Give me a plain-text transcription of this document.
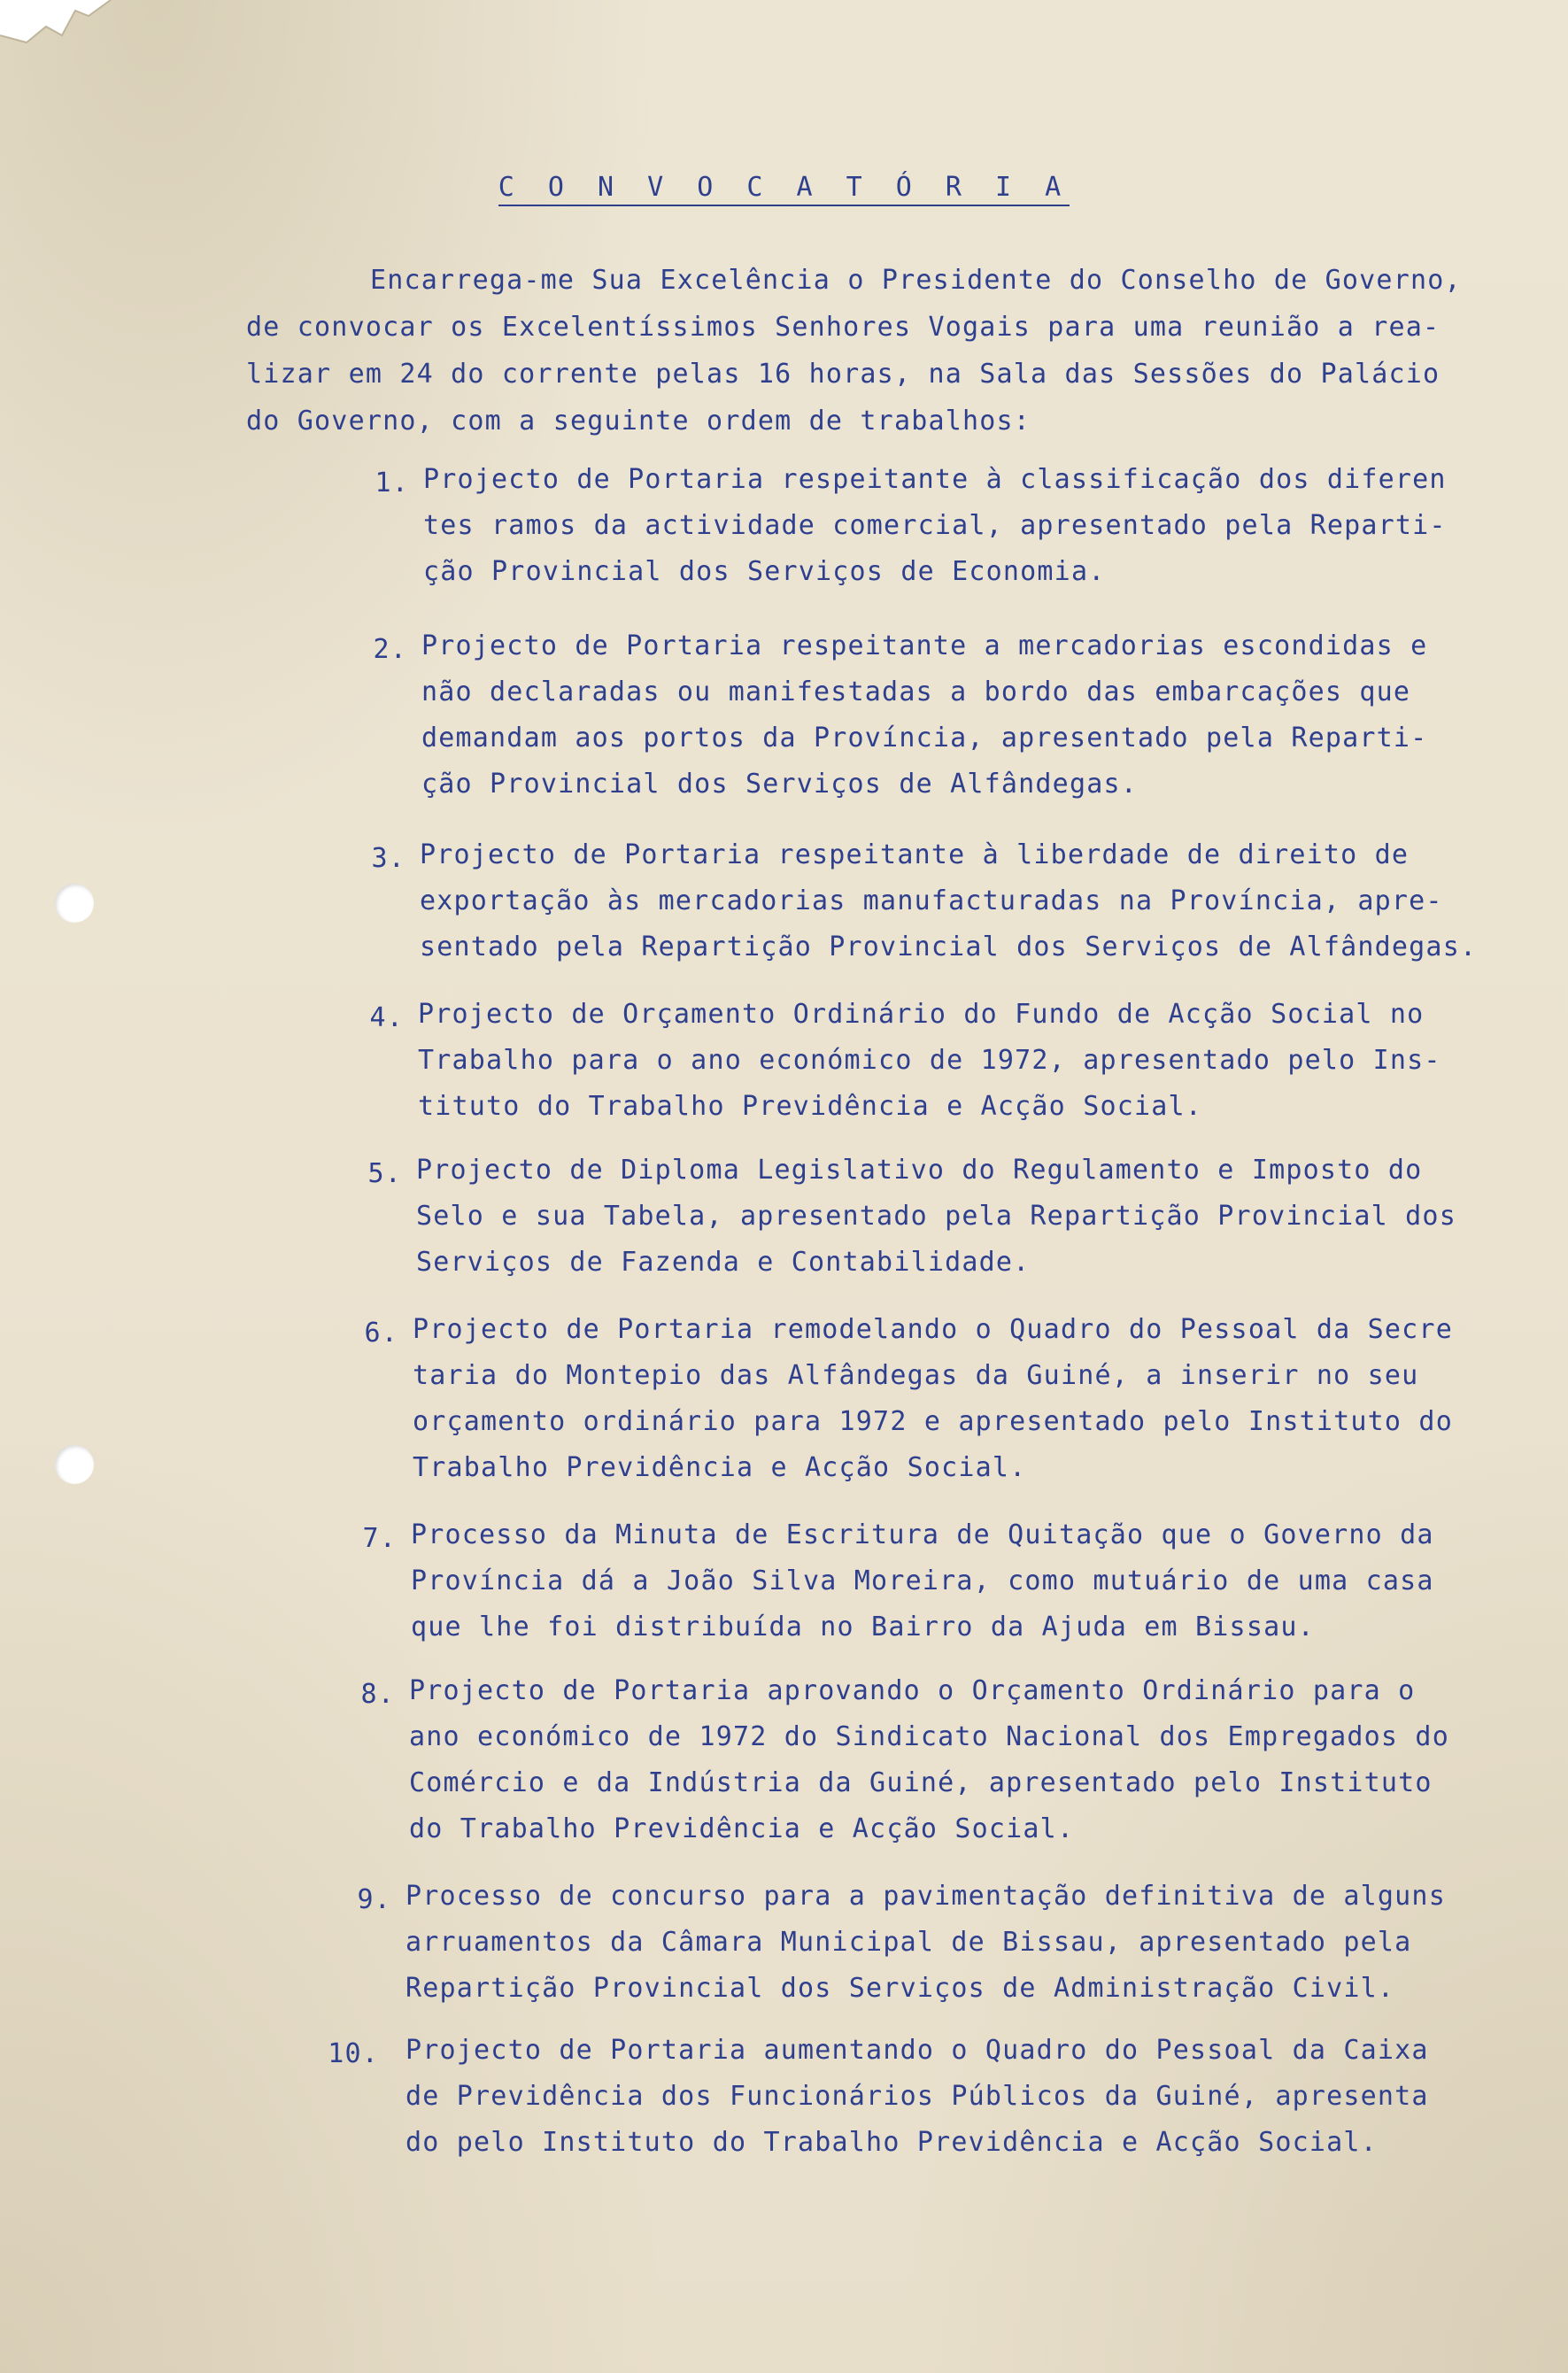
C O N V O C A T Ó R I A
Encarrega-me Sua Excelência o Presidente do Conselho de Governo,
de convocar os Excelentíssimos Senhores Vogais para uma reunião a rea-
lizar em 24 do corrente pelas 16 horas, na Sala das Sessões do Palácio
do Governo, com a seguinte ordem de trabalhos:
1. Projecto de Portaria respeitante à classificação dos diferen
tes ramos da actividade comercial, apresentado pela Reparti-
ção Provincial dos Serviços de Economia.
2. Projecto de Portaria respeitante a mercadorias escondidas e
não declaradas ou manifestadas a bordo das embarcações que
demandam aos portos da Província, apresentado pela Reparti-
ção Provincial dos Serviços de Alfândegas.
3. Projecto de Portaria respeitante à liberdade de direito de
exportação às mercadorias manufacturadas na Província, apre-
sentado pela Repartição Provincial dos Serviços de Alfândegas.
4. Projecto de Orçamento Ordinário do Fundo de Acção Social no
Trabalho para o ano económico de 1972, apresentado pelo Ins-
tituto do Trabalho Previdência e Acção Social.
5. Projecto de Diploma Legislativo do Regulamento e Imposto do
Selo e sua Tabela, apresentado pela Repartição Provincial dos
Serviços de Fazenda e Contabilidade.
6. Projecto de Portaria remodelando o Quadro do Pessoal da Secre
taria do Montepio das Alfândegas da Guiné, a inserir no seu
orçamento ordinário para 1972 e apresentado pelo Instituto do
Trabalho Previdência e Acção Social.
7. Processo da Minuta de Escritura de Quitação que o Governo da
Província dá a João Silva Moreira, como mutuário de uma casa
que lhe foi distribuída no Bairro da Ajuda em Bissau.
8. Projecto de Portaria aprovando o Orçamento Ordinário para o
ano económico de 1972 do Sindicato Nacional dos Empregados do
Comércio e da Indústria da Guiné, apresentado pelo Instituto
do Trabalho Previdência e Acção Social.
9. Processo de concurso para a pavimentação definitiva de alguns
arruamentos da Câmara Municipal de Bissau, apresentado pela
Repartição Provincial dos Serviços de Administração Civil.
10. Projecto de Portaria aumentando o Quadro do Pessoal da Caixa
de Previdência dos Funcionários Públicos da Guiné, apresenta
do pelo Instituto do Trabalho Previdência e Acção Social.
